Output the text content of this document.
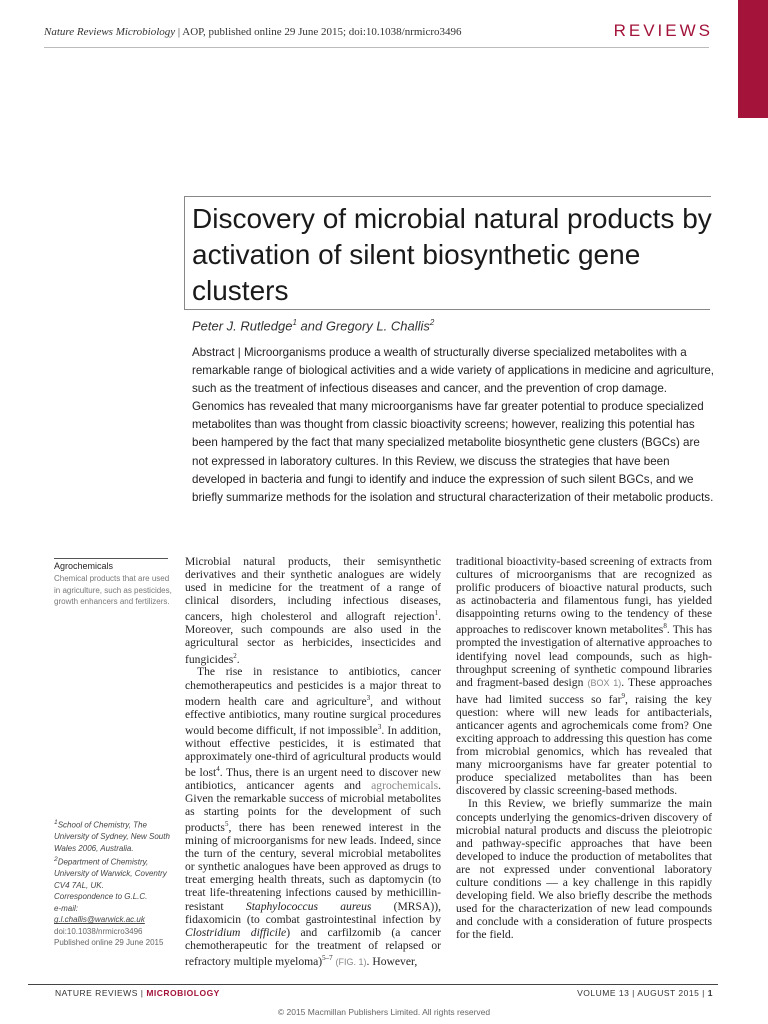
Nature Reviews Microbiology | AOP, published online 29 June 2015; doi:10.1038/nrmicro3496	REVIEWS
Discovery of microbial natural products by activation of silent biosynthetic gene clusters
Peter J. Rutledge$^1$ and Gregory L. Challis$^2$
Abstract | Microorganisms produce a wealth of structurally diverse specialized metabolites with a remarkable range of biological activities and a wide variety of applications in medicine and agriculture, such as the treatment of infectious diseases and cancer, and the prevention of crop damage. Genomics has revealed that many microorganisms have far greater potential to produce specialized metabolites than was thought from classic bioactivity screens; however, realizing this potential has been hampered by the fact that many specialized metabolite biosynthetic gene clusters (BGCs) are not expressed in laboratory cultures. In this Review, we discuss the strategies that have been developed in bacteria and fungi to identify and induce the expression of such silent BGCs, and we briefly summarize methods for the isolation and structural characterization of their metabolic products.
Agrochemicals
Chemical products that are used in agriculture, such as pesticides, growth enhancers and fertilizers.
$^1$School of Chemistry, The University of Sydney, New South Wales 2006, Australia.
$^2$Department of Chemistry, University of Warwick, Coventry CV4 7AL, UK.
Correspondence to G.L.C.
e-mail:
g.l.challis@warwick.ac.uk
doi:10.1038/nrmicro3496
Published online 29 June 2015

Microbial natural products, their semisynthetic derivatives and their synthetic analogues are widely used in medicine for the treatment of a range of clinical disorders, including infectious diseases, cancers, high cholesterol and allograft rejection$^1$. Moreover, such compounds are also used in the agricultural sector as herbicides, insecticides and fungicides$^2$.

The rise in resistance to antibiotics, cancer chemotherapeutics and pesticides is a major threat to modern health care and agriculture$^3$, and without effective antibiotics, many routine surgical procedures would become difficult, if not impossible$^3$. In addition, without effective pesticides, it is estimated that approximately one-third of agricultural products would be lost$^4$. Thus, there is an urgent need to discover new antibiotics, anticancer agents and agrochemicals. Given the remarkable success of microbial metabolites as starting points for the development of such products$^5$, there has been renewed interest in the mining of microorganisms for new leads. Indeed, since the turn of the century, several microbial metabolites or synthetic analogues have been approved as drugs to treat emerging health threats, such as daptomycin (to treat life-threatening infections caused by methicillin-resistant Staphylococcus aureus (MRSA)), fidaxomicin (to combat gastrointestinal infection by Clostridium difficile) and carfilzomib (a cancer chemotherapeutic for the treatment of relapsed or refractory multiple myeloma)$^{5-7}$ (FIG. 1). However,

traditional bioactivity-based screening of extracts from cultures of microorganisms that are recognized as prolific producers of bioactive natural products, such as actinobacteria and filamentous fungi, has yielded disappointing returns owing to the tendency of these approaches to rediscover known metabolites$^8$. This has prompted the investigation of alternative approaches to identifying novel lead compounds, such as high-throughput screening of synthetic compound libraries and fragment-based design (BOX 1). These approaches have had limited success so far$^9$, raising the key question: where will new leads for antibacterials, anticancer agents and agrochemicals come from? One exciting approach to addressing this question has come from microbial genomics, which has revealed that many microorganisms have far greater potential to produce specialized metabolites than has been discovered by classic screening-based methods.

In this Review, we briefly summarize the main concepts underlying the genomics-driven discovery of microbial natural products and discuss the pleiotropic and pathway-specific approaches that have been developed to induce the production of metabolites that are not expressed under conventional laboratory culture conditions — a key challenge in this rapidly developing field. We also briefly describe the methods used for the characterization of new lead compounds and conclude with a consideration of future prospects for the field.

NATURE REVIEWS | MICROBIOLOGY	VOLUME 13 | AUGUST 2015 | 1
© 2015 Macmillan Publishers Limited. All rights reserved
